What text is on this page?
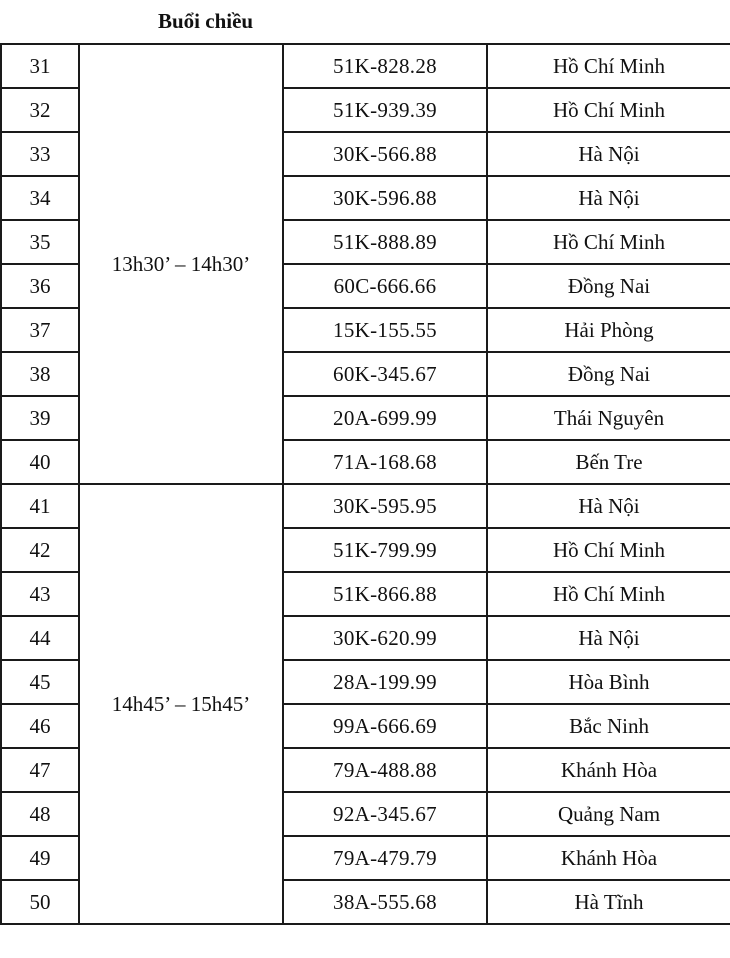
Buổi chiều			
31	13h30’ – 14h30’	51K-828.28	Hồ Chí Minh
32		51K-939.39	Hồ Chí Minh
33		30K-566.88	Hà Nội
34		30K-596.88	Hà Nội
35		51K-888.89	Hồ Chí Minh
36		60C-666.66	Đồng Nai
37		15K-155.55	Hải Phòng
38		60K-345.67	Đồng Nai
39		20A-699.99	Thái Nguyên
40		71A-168.68	Bến Tre
41	14h45’ – 15h45’	30K-595.95	Hà Nội
42		51K-799.99	Hồ Chí Minh
43		51K-866.88	Hồ Chí Minh
44		30K-620.99	Hà Nội
45		28A-199.99	Hòa Bình
46		99A-666.69	Bắc Ninh
47		79A-488.88	Khánh Hòa
48		92A-345.67	Quảng Nam
49		79A-479.79	Khánh Hòa
50		38A-555.68	Hà Tĩnh
